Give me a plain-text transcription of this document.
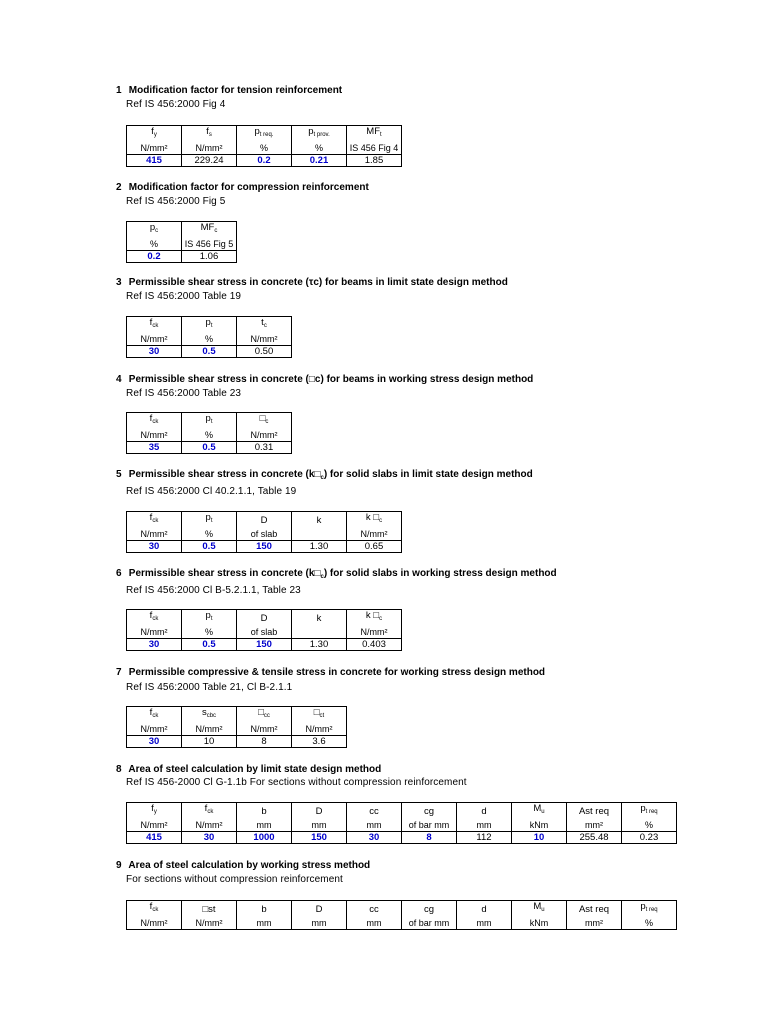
1 Modification factor for tension reinforcement
Ref IS 456:2000 Fig 4
$f_y$	$f_s$	$p_{t req.}$	$p_{t prov.}$	$MF_t$
N/mm²	N/mm²	%	%	IS 456 Fig 4
415	229.24	0.2	0.21	1.85
2 Modification factor for compression reinforcement
Ref IS 456:2000 Fig 5
$p_c$	$MF_c$
%	IS 456 Fig 5
0.2	1.06
3 Permissible shear stress in concrete (τc) for beams in limit state design method
Ref IS 456:2000 Table 19
$f_{ck}$	$p_t$	$t_c$
N/mm²	%	N/mm²
30	0.5	0.50
4 Permissible shear stress in concrete (□c) for beams in working stress design method
Ref IS 456:2000 Table 23
$f_{ck}$	$p_t$	$□_c$
N/mm²	%	N/mm²
35	0.5	0.31
5 Permissible shear stress in concrete $(k□_c)$ for solid slabs in limit state design method
Ref IS 456:2000 Cl 40.2.1.1, Table 19
$f_{ck}$	$p_t$	D	k	k $□_c$
N/mm²	%	of slab		N/mm²
30	0.5	150	1.30	0.65
6 Permissible shear stress in concrete $(k□_c)$ for solid slabs in working stress design method
Ref IS 456:2000 Cl B-5.2.1.1, Table 23
$f_{ck}$	$p_t$	D	k	k $□_c$
N/mm²	%	of slab		N/mm²
30	0.5	150	1.30	0.403
7 Permissible compressive & tensile stress in concrete for working stress design method
Ref IS 456:2000 Table 21, Cl B-2.1.1
$f_{ck}$	$s_{cbc}$	$□_{cc}$	$□_{ct}$
N/mm²	N/mm²	N/mm²	N/mm²
30	10	8	3.6
8 Area of steel calculation by limit state design method
Ref IS 456-2000 Cl G-1.1b For sections without compression reinforcement
$f_y$	$f_{ck}$	b	D	cc	cg	d	$M_u$	Ast req	$p_{t req}$
N/mm²	N/mm²	mm	mm	mm	of bar mm	mm	kNm	mm²	%
415	30	1000	150	30	8	112	10	255.48	0.23
9 Area of steel calculation by working stress method
For sections without compression reinforcement
$f_{ck}$	□st	b	D	cc	cg	d	$M_u$	Ast req	$p_{t req}$
N/mm²	N/mm²	mm	mm	mm	of bar mm	mm	kNm	mm²	%
